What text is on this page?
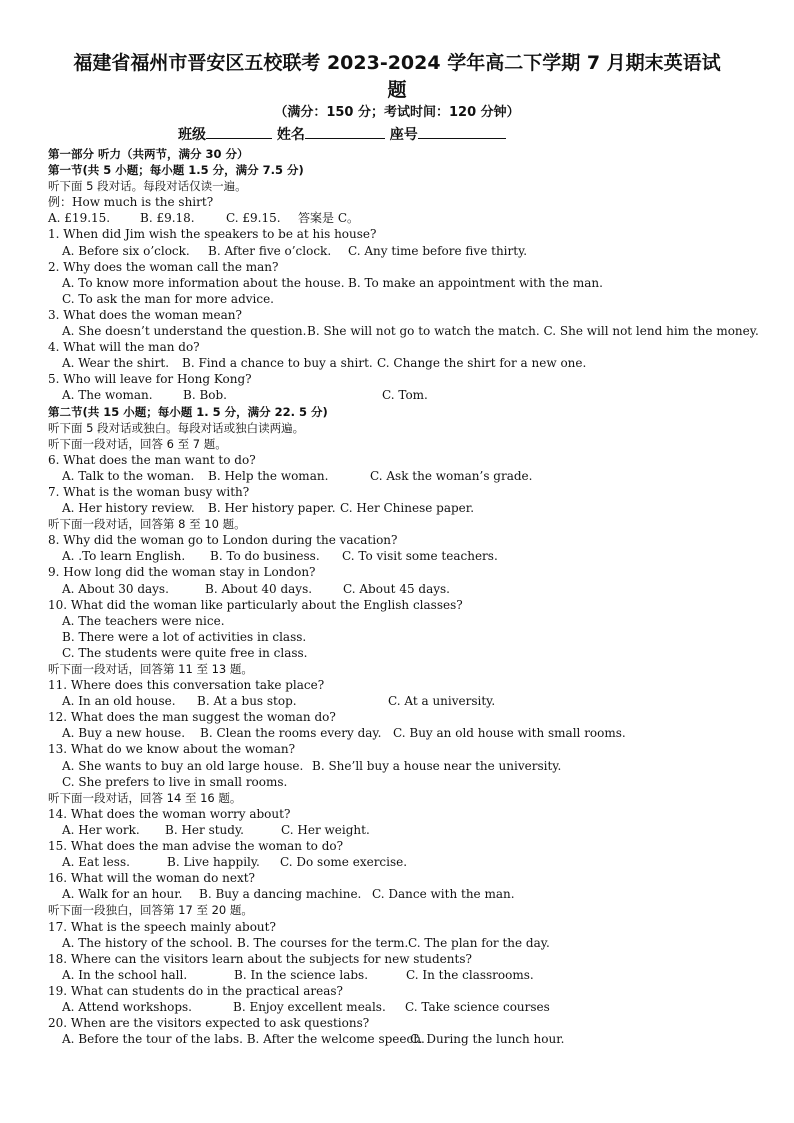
福建省福州市晋安区五校联考 2023-2024 学年高二下学期 7 月期末英语试
题
（满分：150 分；考试时间：120 分钟）
班级	姓名	座号
第一部分 听力（共两节，满分 30 分）
第一节(共 5 小题；每小题 1.5 分，满分 7.5 分)
听下面 5 段对话。每段对话仅读一遍。
例：How much is the shirt?
A. £19.15. B. £9.18.	C. £9.15. 答案是 C。
1. When did Jim wish the speakers to be at his house?
A. Before six o’clock. B. After five o’clock. C. Any time before five thirty.
2. Why does the woman call the man?
A. To know more information about the house. B. To make an appointment with the man.
C. To ask the man for more advice.
3. What does the woman mean?
A. She doesn’t understand the question.B. She will not go to watch the match. C. She will not lend him the money.
4. What will the man do?
A. Wear the shirt. B. Find a chance to buy a shirt. C. Change the shirt for a new one.
5. Who will leave for Hong Kong?
A. The woman.	B. Bob.	C. Tom.
第二节(共 15 小题；每小题 1. 5 分，满分 22. 5 分)
听下面 5 段对话或独白。每段对话或独白读两遍。
听下面一段对话，回答 6 至 7 题。
6. What does the man want to do?
A. Talk to the woman. B. Help the woman.	C. Ask the woman’s grade.
7. What is the woman busy with?
A. Her history review. B. Her history paper. C. Her Chinese paper.
听下面一段对话，回答第 8 至 10 题。
8. Why did the woman go to London during the vacation?
A. .To learn English. B. To do business. C. To visit some teachers.
9. How long did the woman stay in London?
A. About 30 days.	B. About 40 days.	C. About 45 days.
10. What did the woman like particularly about the English classes?
A. The teachers were nice.
B. There were a lot of activities in class.
C. The students were quite free in class.
听下面一段对话，回答第 11 至 13 题。
11. Where does this conversation take place?
A. In an old house. B. At a bus stop.	C. At a university.
12. What does the man suggest the woman do?
A. Buy a new house. B. Clean the rooms every day. C. Buy an old house with small rooms.
13. What do we know about the woman?
A. She wants to buy an old large house. B. She’ll buy a house near the university.
C. She prefers to live in small rooms.
听下面一段对话，回答 14 至 16 题。
14. What does the woman worry about?
A. Her work. B. Her study.	C. Her weight.
15. What does the man advise the woman to do?
A. Eat less.	B. Live happily. C. Do some exercise.
16. What will the woman do next?
A. Walk for an hour. B. Buy a dancing machine. C. Dance with the man.
听下面一段独白，回答第 17 至 20 题。
17. What is the speech mainly about?
A. The history of the school. B. The courses for the term.C. The plan for the day.
18. Where can the visitors learn about the subjects for new students?
A. In the school hall.	B. In the science labs.	C. In the classrooms.
19. What can students do in the practical areas?
A. Attend workshops.	B. Enjoy excellent meals. C. Take science courses
20. When are the visitors expected to ask questions?
A. Before the tour of the labs. B. After the welcome speech.C. During the lunch hour.
